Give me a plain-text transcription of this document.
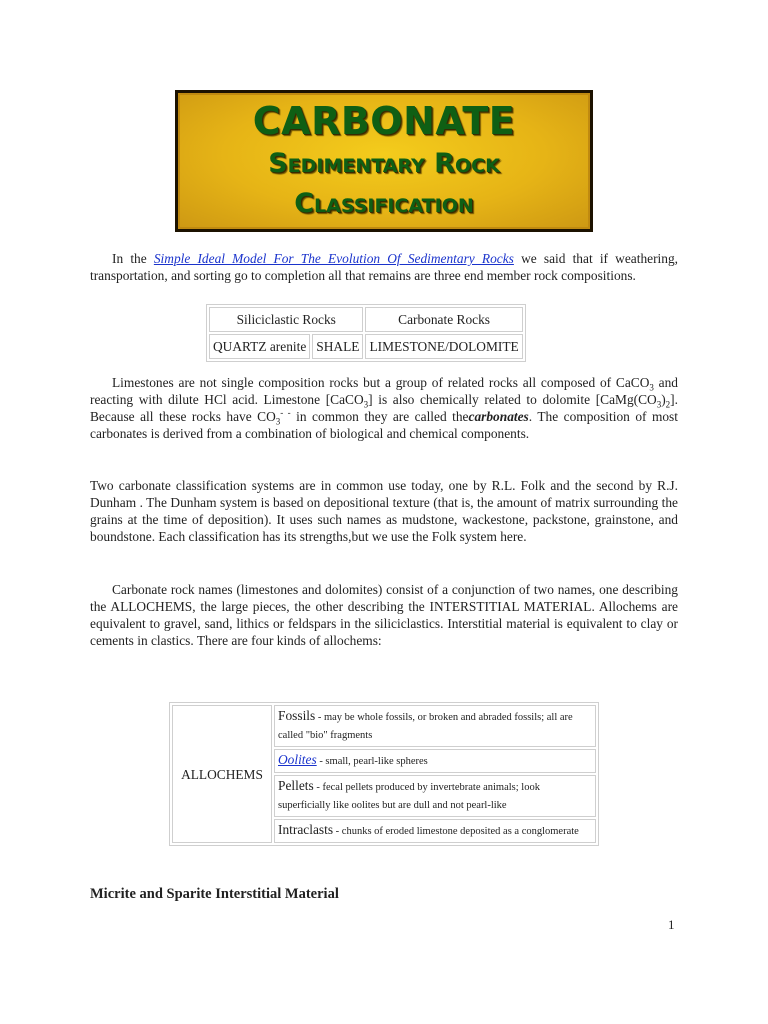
CARBONATE
Sedimentary Rock
Classification

In the Simple Ideal Model For The Evolution Of Sedimentary Rocks we said that if weathering, transportation, and sorting go to completion all that remains are three end member rock compositions.

Siliciclastic Rocks		Carbonate Rocks
QUARTZ arenite	SHALE	LIMESTONE/DOLOMITE

Limestones are not single composition rocks but a group of related rocks all composed of CaCO$_3$ and reacting with dilute HCl acid. Limestone [CaCO$_3$] is also chemically related to dolomite $[CaMg(CO_3)_2]$. Because all these rocks have $CO_3^{- -}$ in common they are called thecarbonates. The composition of most carbonates is derived from a combination of biological and chemical components.

Two carbonate classification systems are in common use today, one by R.L. Folk and the second by R.J. Dunham . The Dunham system is based on depositional texture (that is, the amount of matrix surrounding the grains at the time of deposition). It uses such names as mudstone, wackestone, packstone, grainstone, and boundstone. Each classification has its strengths,but we use the Folk system here.

Carbonate rock names (limestones and dolomites) consist of a conjunction of two names, one describing the ALLOCHEMS, the large pieces, the other describing the INTERSTITIAL MATERIAL. Allochems are equivalent to gravel, sand, lithics or feldspars in the siliciclastics. Interstitial material is equivalent to clay or cements in clastics. There are four kinds of allochems:

ALLOCHEMS	Fossils - may be whole fossils, or broken and abraded fossils; all are called "bio" fragments
Oolites - small, pearl-like spheres
Pellets - fecal pellets produced by invertebrate animals; look superficially like oolites but are dull and not pearl-like
Intraclasts - chunks of eroded limestone deposited as a conglomerate
Micrite and Sparite Interstitial Material
1
